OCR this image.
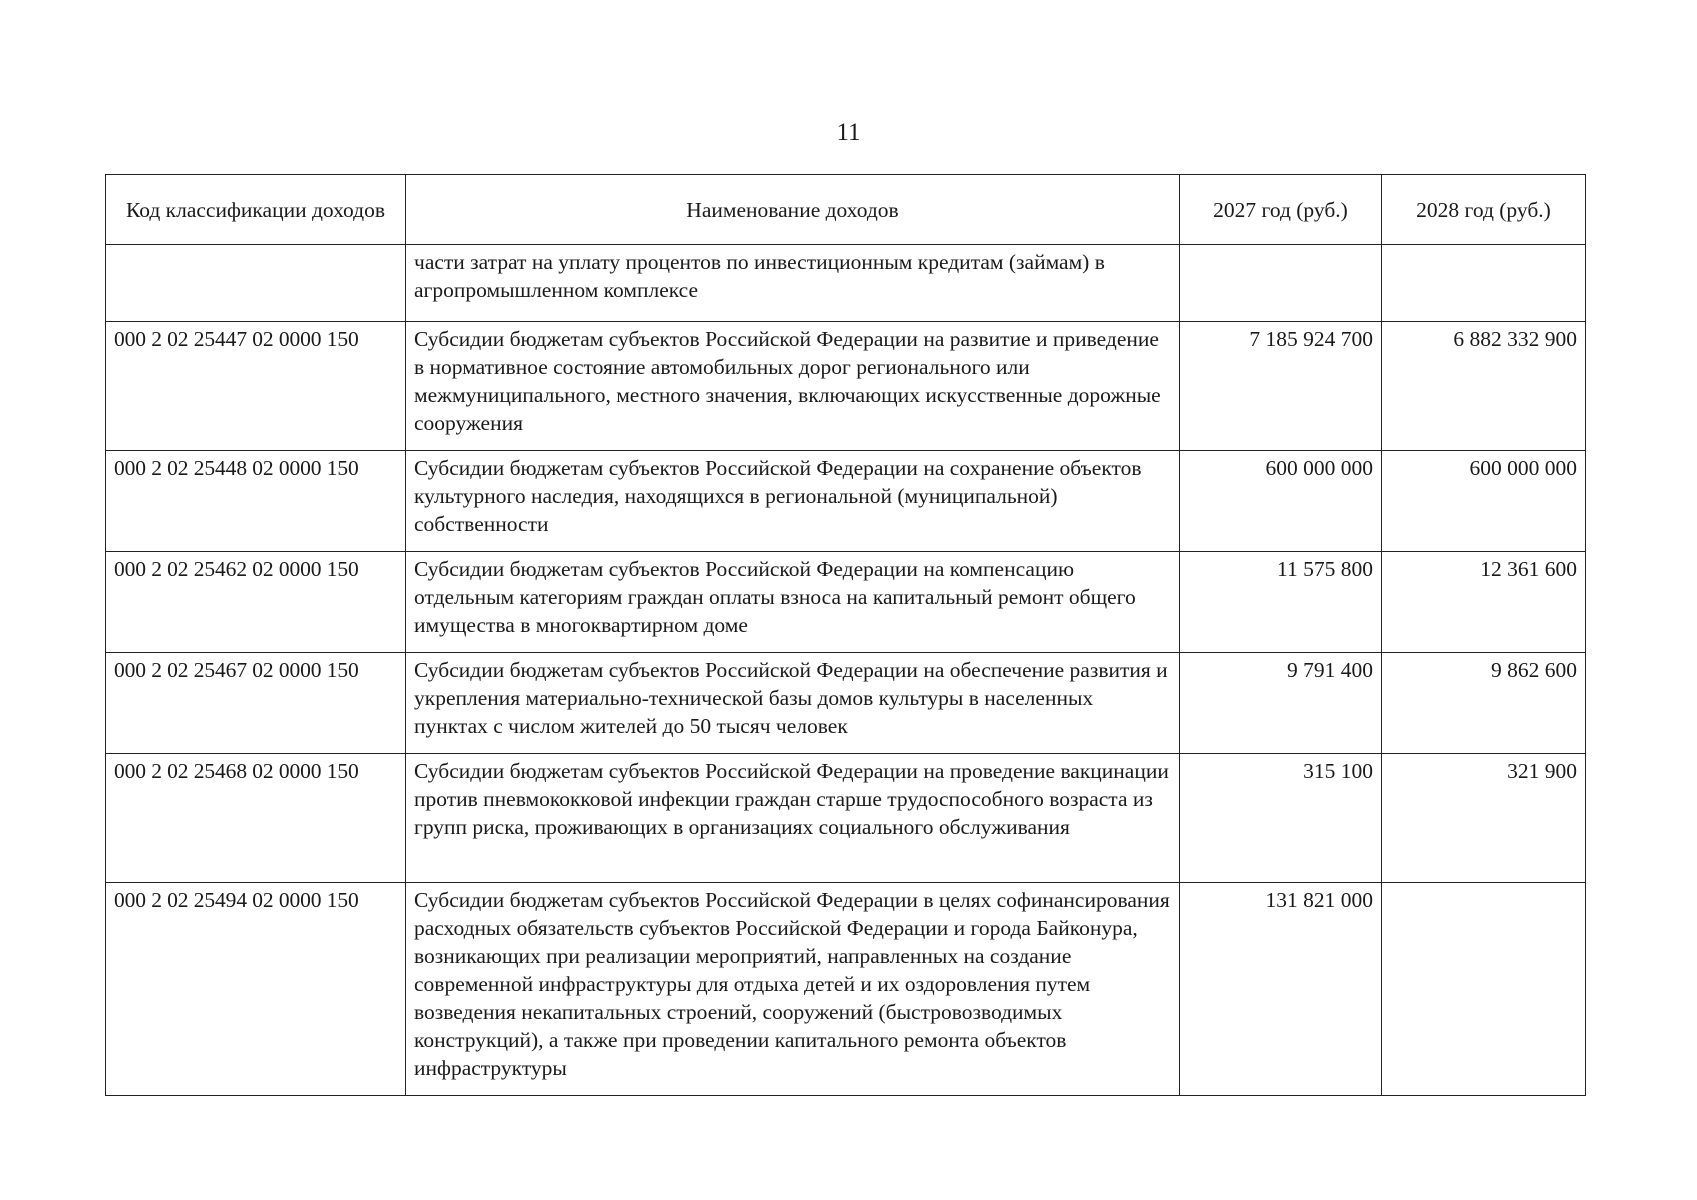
11
Код классификации доходов	Наименование доходов	2027 год (руб.)	2028 год (руб.)
	части затрат на уплату процентов по инвестиционным кредитам (займам) в агропромышленном комплексе		
000 2 02 25447 02 0000 150	Субсидии бюджетам субъектов Российской Федерации на развитие и приведение в нормативное состояние автомобильных дорог регионального или межмуниципального, местного значения, включающих искусственные дорожные сооружения	7 185 924 700	6 882 332 900
000 2 02 25448 02 0000 150	Субсидии бюджетам субъектов Российской Федерации на сохранение объектов культурного наследия, находящихся в региональной (муниципальной) собственности	600 000 000	600 000 000
000 2 02 25462 02 0000 150	Субсидии бюджетам субъектов Российской Федерации на компенсацию отдельным категориям граждан оплаты взноса на капитальный ремонт общего имущества в многоквартирном доме	11 575 800	12 361 600
000 2 02 25467 02 0000 150	Субсидии бюджетам субъектов Российской Федерации на обеспечение развития и укрепления материально-технической базы домов культуры в населенных пунктах с числом жителей до 50 тысяч человек	9 791 400	9 862 600
000 2 02 25468 02 0000 150	Субсидии бюджетам субъектов Российской Федерации на проведение вакцинации против пневмококковой инфекции граждан старше трудоспособного возраста из групп риска, проживающих в организациях социального обслуживания	315 100	321 900
000 2 02 25494 02 0000 150	Субсидии бюджетам субъектов Российской Федерации в целях софинансирования расходных обязательств субъектов Российской Федерации и города Байконура, возникающих при реализации мероприятий, направленных на создание современной инфраструктуры для отдыха детей и их оздоровления путем возведения некапитальных строений, сооружений (быстровозводимых конструкций), а также при проведении капитального ремонта объектов инфраструктуры	131 821 000	
